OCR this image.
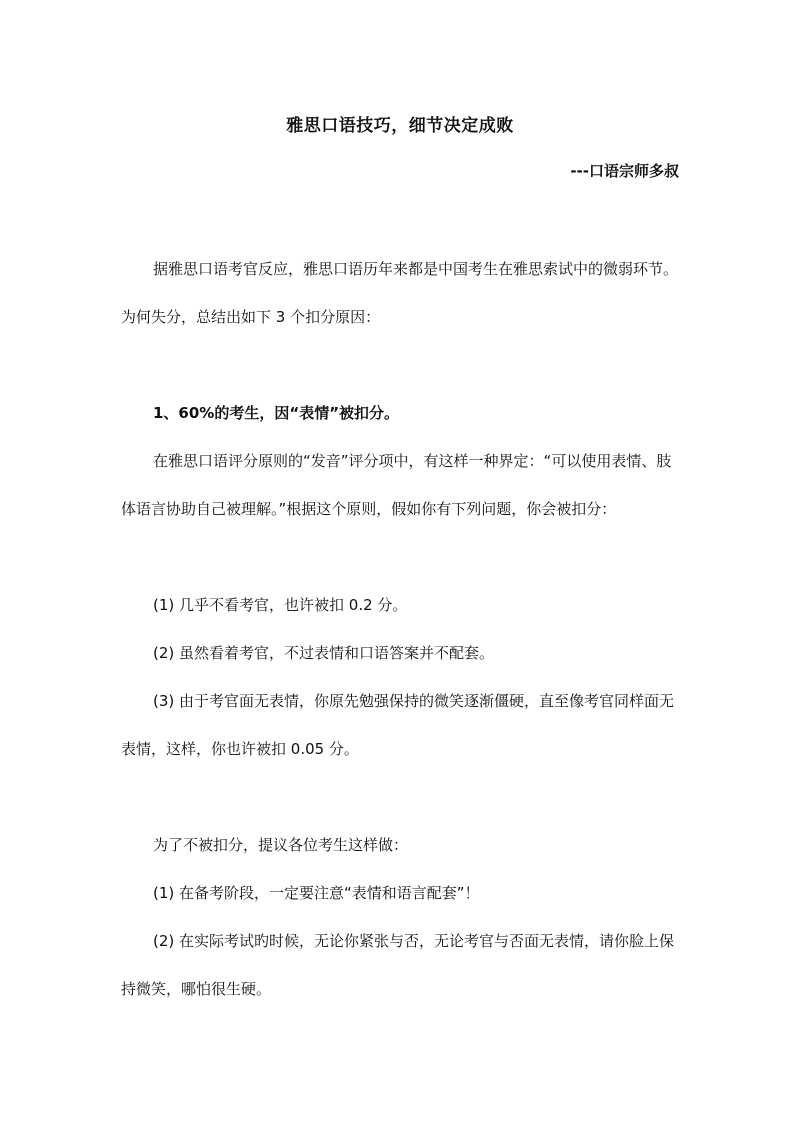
雅思口语技巧，细节决定成败
---口语宗师多叔

据雅思口语考官反应，雅思口语历年来都是中国考生在雅思索试中的微弱环节。为何失分，总结出如下 3 个扣分原因：

1、60%的考生，因“表情”被扣分。

在雅思口语评分原则的“发音”评分项中，有这样一种界定：“可以使用表情、肢体语言协助自己被理解。”根据这个原则，假如你有下列问题，你会被扣分：

(1) 几乎不看考官，也许被扣 0.2 分。

(2) 虽然看着考官，不过表情和口语答案并不配套。

(3) 由于考官面无表情，你原先勉强保持的微笑逐渐僵硬，直至像考官同样面无表情，这样，你也许被扣 0.05 分。

为了不被扣分，提议各位考生这样做：

(1) 在备考阶段，一定要注意“表情和语言配套”！

(2) 在实际考试旳时候，无论你紧张与否，无论考官与否面无表情，请你脸上保持微笑，哪怕很生硬。
